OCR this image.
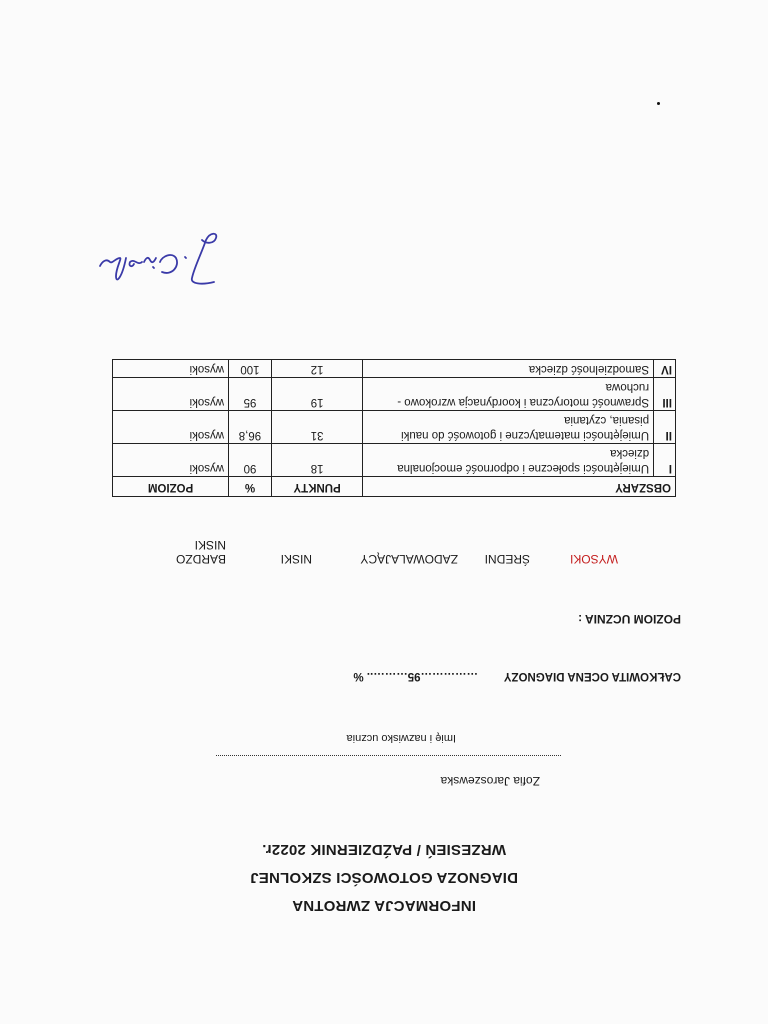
INFORMACJA ZWROTNA
DIAGNOZA GOTOWOŚCI SZKOLNEJ
WRZESIEŃ / PAŹDZIERNIK 2022r.
Zofia Jaroszewska
Imię i nazwisko ucznia
CAŁKOWITA OCENA DIAGNOZY
……………95……….. %
POZIOM UCZNIA :
WYSOKI
ŚREDNI
ZADOWALAJĄCY
NISKI
BARDZO NISKI
OBSZARY		PUNKTY	%	POZIOM
I	Umiejętności społeczne i odporność emocjonalna dziecka	18	90	wysoki
II	Umiejętności matematyczne i gotowość do nauki pisania, czytania	31	96,8	wysoki
III	Sprawność motoryczna i koordynacja wzrokowo - ruchowa	19	95	wysoki
IV	Samodzielność dziecka	12	100	wysoki
